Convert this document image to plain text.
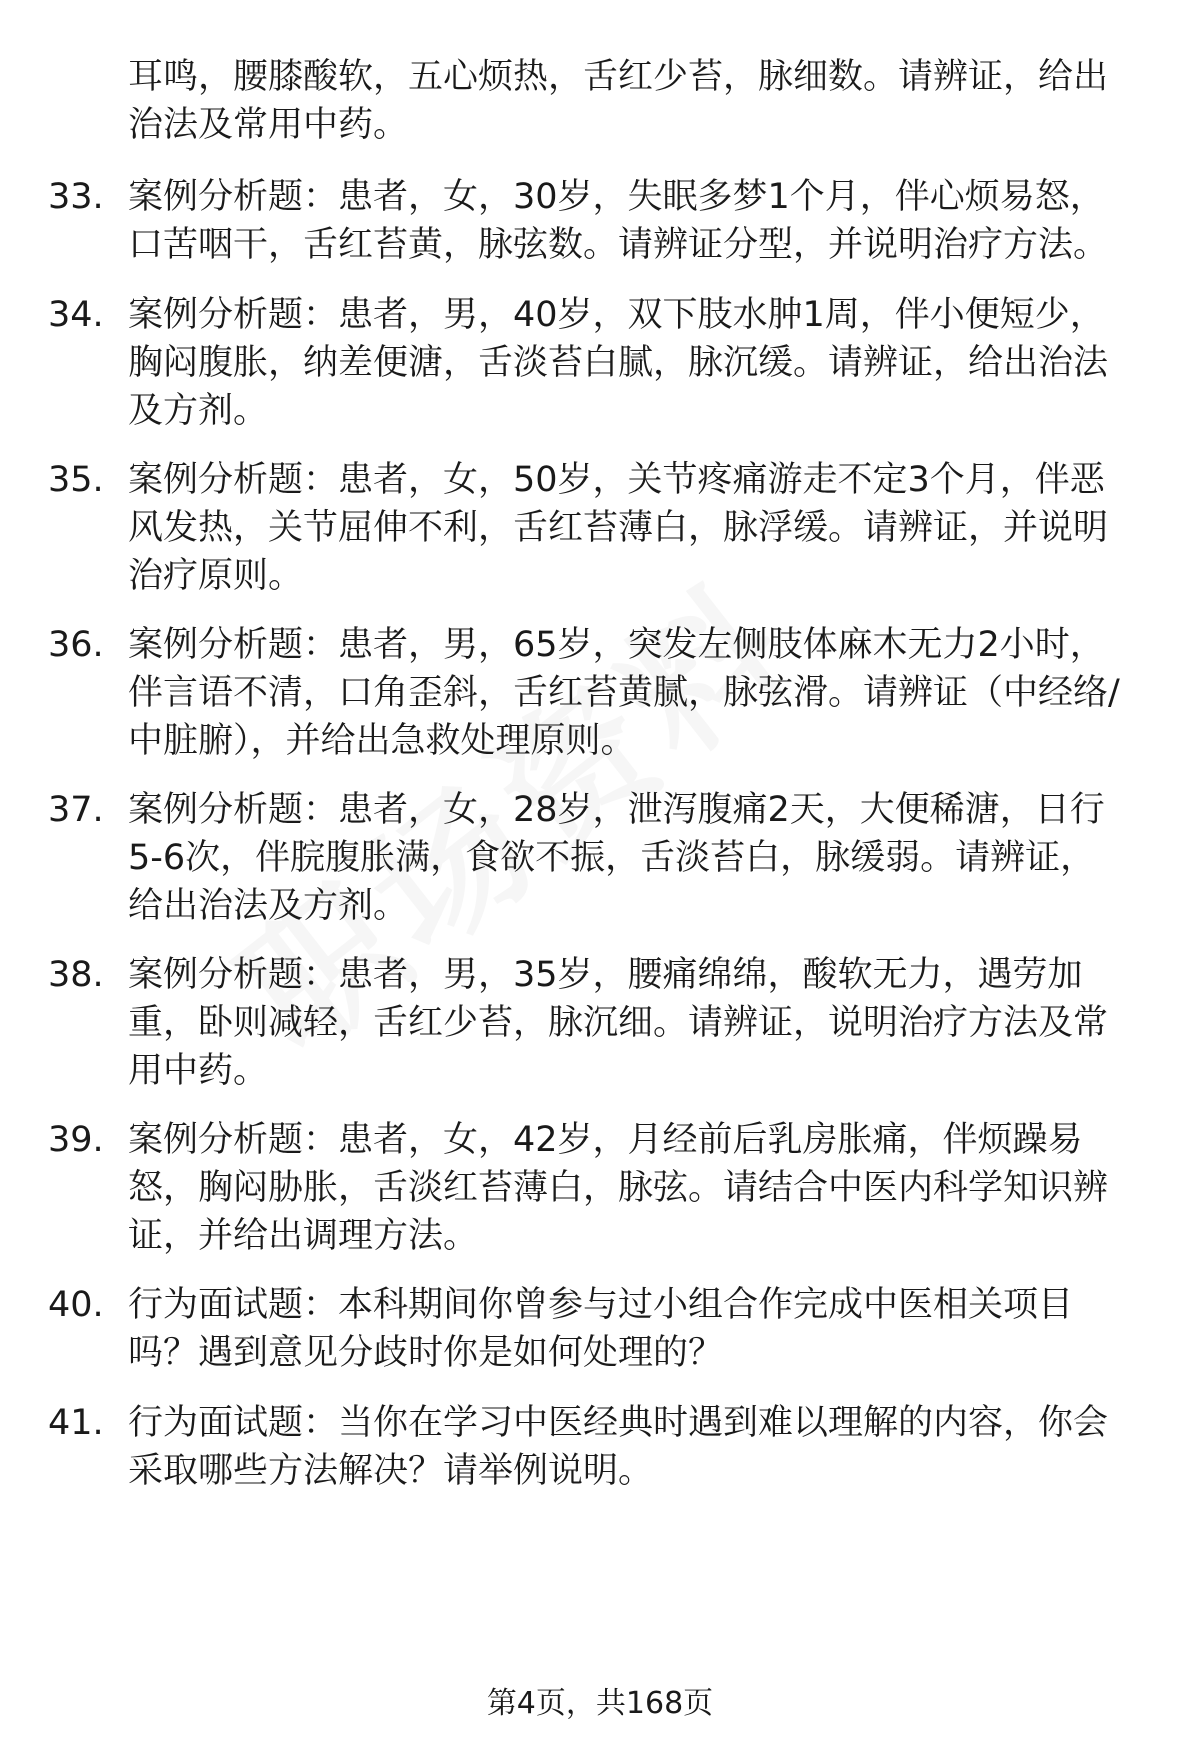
耳鸣，腰膝酸软，五心烦热，舌红少苔，脉细数。请辨证，给出
治法及常用中药。
33. 案例分析题：患者，女，30岁，失眠多梦1个月，伴心烦易怒，
口苦咽干，舌红苔黄，脉弦数。请辨证分型，并说明治疗方法。
34. 案例分析题：患者，男，40岁，双下肢水肿1周，伴小便短少，
胸闷腹胀，纳差便溏，舌淡苔白腻，脉沉缓。请辨证，给出治法
及方剂。
35. 案例分析题：患者，女，50岁，关节疼痛游走不定3个月，伴恶
风发热，关节屈伸不利，舌红苔薄白，脉浮缓。请辨证，并说明
治疗原则。
36. 案例分析题：患者，男，65岁，突发左侧肢体麻木无力2小时，
伴言语不清，口角歪斜，舌红苔黄腻，脉弦滑。请辨证（中经络/
中脏腑），并给出急救处理原则。
37. 案例分析题：患者，女，28岁，泄泻腹痛2天，大便稀溏，日行
5-6次，伴脘腹胀满，食欲不振，舌淡苔白，脉缓弱。请辨证，
给出治法及方剂。
38. 案例分析题：患者，男，35岁，腰痛绵绵，酸软无力，遇劳加
重，卧则减轻，舌红少苔，脉沉细。请辨证，说明治疗方法及常
用中药。
39. 案例分析题：患者，女，42岁，月经前后乳房胀痛，伴烦躁易
怒，胸闷胁胀，舌淡红苔薄白，脉弦。请结合中医内科学知识辨
证，并给出调理方法。
40. 行为面试题：本科期间你曾参与过小组合作完成中医相关项目
吗？遇到意见分歧时你是如何处理的？
41. 行为面试题：当你在学习中医经典时遇到难以理解的内容，你会
采取哪些方法解决？请举例说明。
第4页，共168页
